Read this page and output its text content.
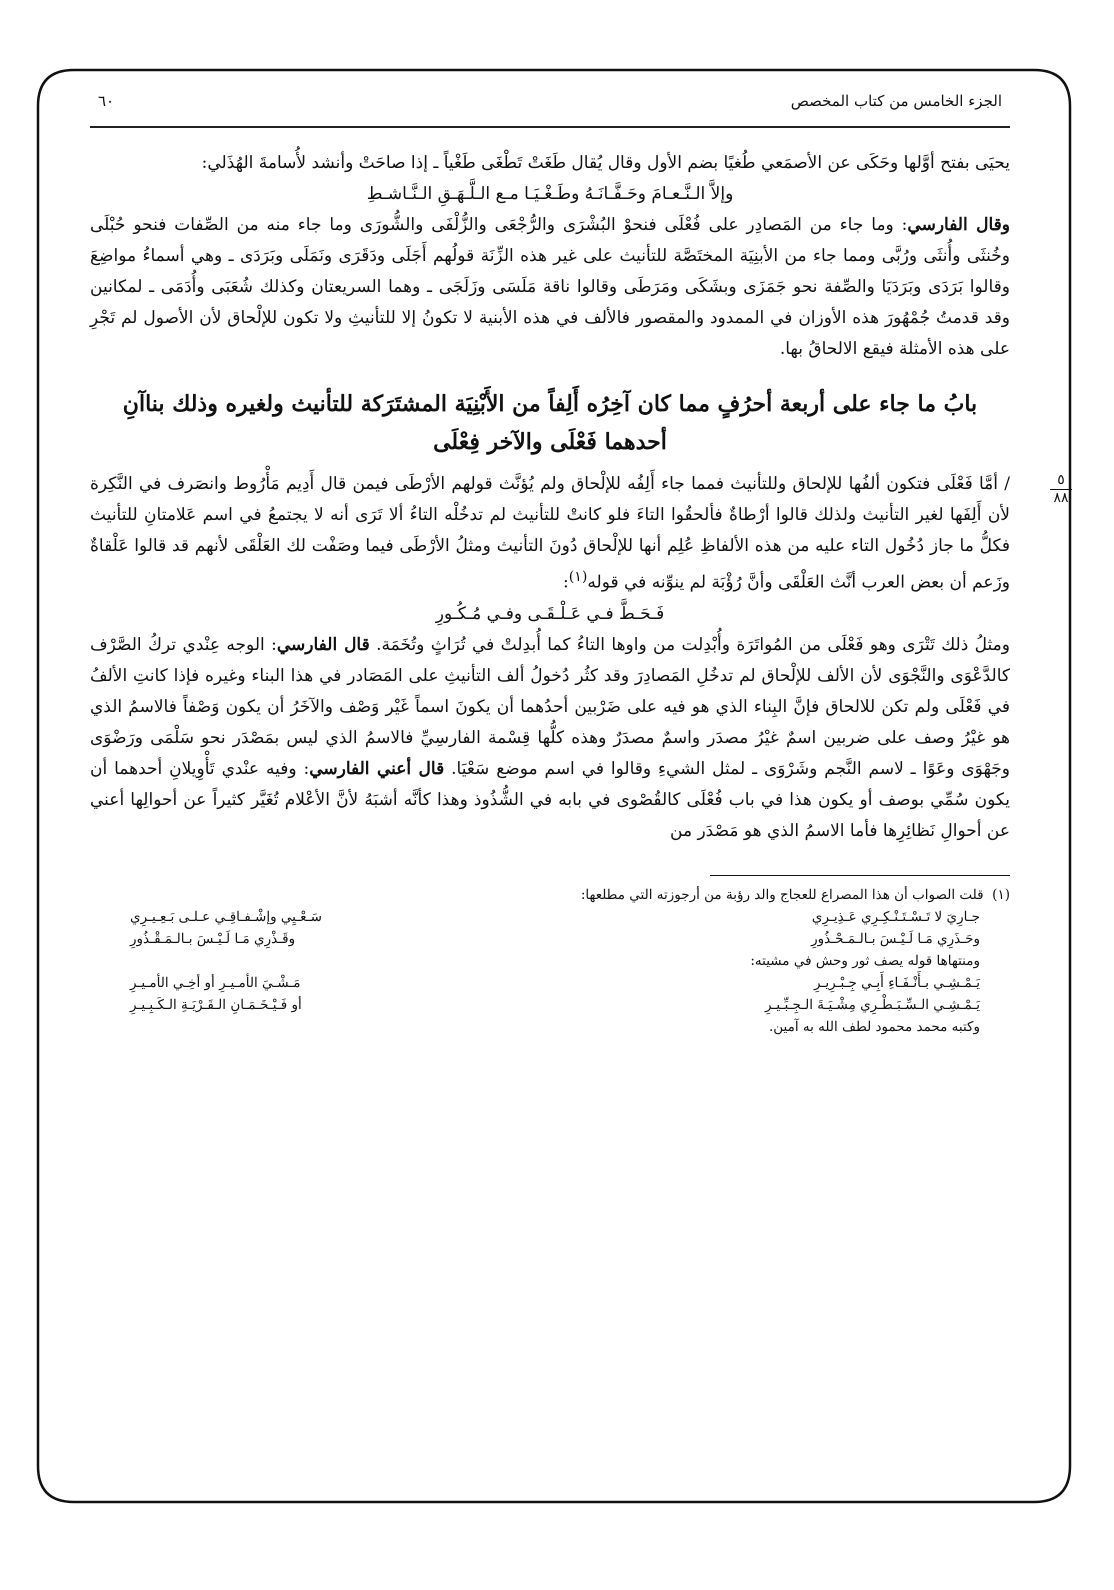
الجزء الخامس من كتاب المخصص
٦٠

يحيَى بفتح أوَّلها وحَكَى عن الأصمَعي طُغيًا بضم الأول وقال يُقال طَغَتْ تَطْغَى طَغْياً ـ إذا صاحَتْ وأنشد لأُسامةَ الهُذَلي:

وإلاَّ الـنَّـعـامَ وحَـفَّـانَـهُ وطَـغْـيَـا مـع الـلَّـهَـقِ الـنَّـاشـطِ

وقال الفارسي: وما جاء من المَصادِر على فُعْلَى فنحوْ البُشْرَى والرُّجْعَى والزُّلْفَى والشُّورَى وما جاء منه من الصِّفات فنحو حُبْلَى وخُنثَى وأُنثَى ورُبَّى ومما جاء من الأبنِيَة المختَصَّة للتأنيث على غير هذه الزِّنَة قولُهم أَجَلَى ودَقَرَى ونَمَلَى وبَرَدَى ـ وهي أسماءُ مواضِعَ وقالوا بَرَدَى وبَرَدَيَا والصِّفة نحو جَمَزَى وبشَكَى ومَرَطَى وقالوا ناقة مَلَسَى وزَلَجَى ـ وهما السريعتان وكذلك شُعَبَى وأُدَمَى ـ لمكانين وقد قدمتُ جُمْهُورَ هذه الأوزان في الممدود والمقصور فالألف في هذه الأبنية لا تكونُ إلا للتأنيثِ ولا تكون للإلْحاق لأن الأصول لم تَجْرِ على هذه الأمثلة فيقع الالحاقُ بها.

بابُ ما جاء على أربعة أحرُفٍ مما كان آخِرُه أَلِفاً من الأَبْنِيَة المشتَرَكة للتأنيث ولغيره وذلك بناآنِ أحدهما فَعْلَى والآخر فِعْلَى
٥
٨٨

/ أمَّا فَعْلَى فتكون ألفُها للإلحاق وللتأنيث فمما جاء أَلِفُه للإلْحاق ولم يُؤنَّث قولهم الأرْطَى فيمن قال أَدِيم مَأْرُوط وانصَرف في النَّكِرة لأن أَلِفَها لغير التأنيث ولذلك قالوا أرْطاةٌ فألحقُوا التاءَ فلو كانتْ للتأنيث لم تدخُلْه التاءُ ألا تَرَى أنه لا يجتمعُ في اسم عَلامتانِ للتأنيث فكلُّ ما جاز دُخُول التاء عليه من هذه الألفاظِ عُلِم أنها للإلْحاق دُونَ التأنيث ومثلُ الأرْطَى فيما وصَفْت لك العَلْقَى لأنهم قد قالوا عَلْقاةٌ وزَعم أن بعض العرب أنَّث العَلْقَى وأنَّ رُؤْبَة لم ينوِّنه في قوله$^{(١)}$:

فَـحَـطَّ فـي عَـلْـقَـى وفـي مُـكُـورِ

ومثلُ ذلك تَتْرَى وهو فَعْلَى من المُواتَرَة وأُبْدِلت من واوها التاءُ كما أُبدِلتْ في تُرَاثٍ وتُخَمَة. قال الفارسي: الوجه عِنْدي تركُ الصَّرْف كالدَّعْوَى والنَّجْوَى لأن الألف للإلْحاق لم تدخُلِ المَصادِرَ وقد كثُر دُخولُ ألف التأنيثِ على المَصَادر في هذا البناء وغيره فإذا كانتِ الألفُ في فَعْلَى ولم تكن للالحاق فإنَّ البِناء الذي هو فيه على ضَرْبين أحدُهما أن يكونَ اسماً غَيْر وَصْف والآخَرُ أن يكون وَصْفاً فالاسمُ الذي هو غيْرُ وصف على ضربين اسمٌ غيْرُ مصدَر واسمٌ مصدَرٌ وهذه كلُّها قِسْمة الفارسِيِّ فالاسمُ الذي ليس بمَصْدَر نحو سَلْمَى ورَضْوَى وجَهْوَى وعَوًا ـ لاسم النَّجم وشَرْوَى ـ لمثل الشيءِ وقالوا في اسم موضع سَعْيَا. قال أعني الفارسي: وفيه عنْدي تَأْوِيلانِ أحدهما أن يكون سُمِّي بوصف أو يكون هذا في باب فُعْلَى كالقُصْوى في بابه في الشُّذُوذ وهذا كأنَّه أشبَهُ لأنَّ الأعْلام تُغَيَّر كثيراً عن أحوالِها أعني عن أحوالِ نَظائِرِها فأما الاسمُ الذي هو مَصْدَر من

(١)  قلت الصواب أن هذا المصراع للعجاج والد رؤبة من أرجوزته التي مطلعها:
جـارِيَ لا تَـسْـتَـنْـكِـرِي عَـذِيـرِي
سَـعْـيِي وإشْـفـاقِـي عـلـى بَـعِـيـرِي
وحَـذَرِي مَـا لَـيْـسَ بـالـمَـحْـذُورِ
وقَـذْرِي مَـا لَـيْـسَ بـالـمَـقْـذُورِ
ومنتهاها قوله يصف ثور وحش في مشيته:
يَـمْـشِـي بـأَنْـفَـاءِ أَبِـي جِـبْـرِيـرِ
مَـشْـيَ الأمـيـرِ أو أخِـي الأمـيـرِ
يَـمْـشِـي الـسِّـبَـطْـرِي مِشْـيَـةَ الـجِـبِّـيـرِ
أو فَـيْـخَـمَـانِ الـقَـرْيَـةِ الـكَـبِـيـرِ
وكتبه محمد محمود لطف الله به آمين.
